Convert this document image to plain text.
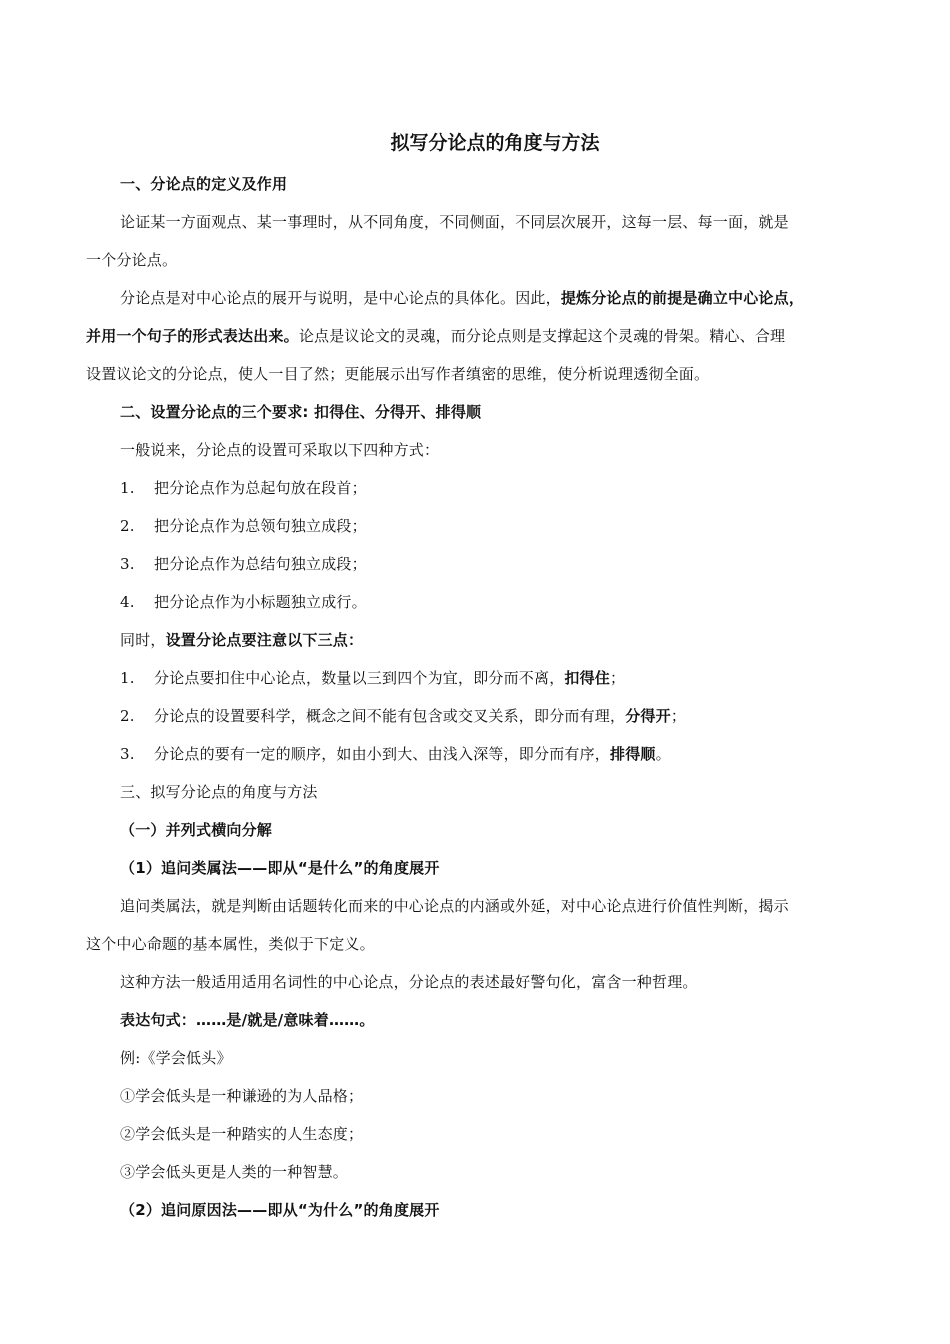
拟写分论点的角度与方法
一、分论点的定义及作用
论证某一方面观点、某一事理时，从不同角度，不同侧面，不同层次展开，这每一层、每一面，就是
一个分论点。
分论点是对中心论点的展开与说明，是中心论点的具体化。因此，提炼分论点的前提是确立中心论点，
并用一个句子的形式表达出来。论点是议论文的灵魂，而分论点则是支撑起这个灵魂的骨架。精心、合理
设置议论文的分论点，使人一目了然；更能展示出写作者缜密的思维，使分析说理透彻全面。
二、设置分论点的三个要求: 扣得住、分得开、排得顺
一般说来，分论点的设置可采取以下四种方式：
1. 把分论点作为总起句放在段首；
2. 把分论点作为总领句独立成段；
3. 把分论点作为总结句独立成段；
4. 把分论点作为小标题独立成行。
同时，设置分论点要注意以下三点：
1. 分论点要扣住中心论点，数量以三到四个为宜，即分而不离，扣得住；
2. 分论点的设置要科学，概念之间不能有包含或交叉关系，即分而有理，分得开；
3. 分论点的要有一定的顺序，如由小到大、由浅入深等，即分而有序，排得顺。
三、拟写分论点的角度与方法
（一）并列式横向分解
（1）追问类属法——即从“是什么”的角度展开
追问类属法，就是判断由话题转化而来的中心论点的内涵或外延，对中心论点进行价值性判断，揭示
这个中心命题的基本属性，类似于下定义。
这种方法一般适用适用名词性的中心论点，分论点的表述最好警句化，富含一种哲理。
表达句式：……是/就是/意味着……。
例:《学会低头》
①学会低头是一种谦逊的为人品格；
②学会低头是一种踏实的人生态度；
③学会低头更是人类的一种智慧。
（2）追问原因法——即从“为什么”的角度展开
